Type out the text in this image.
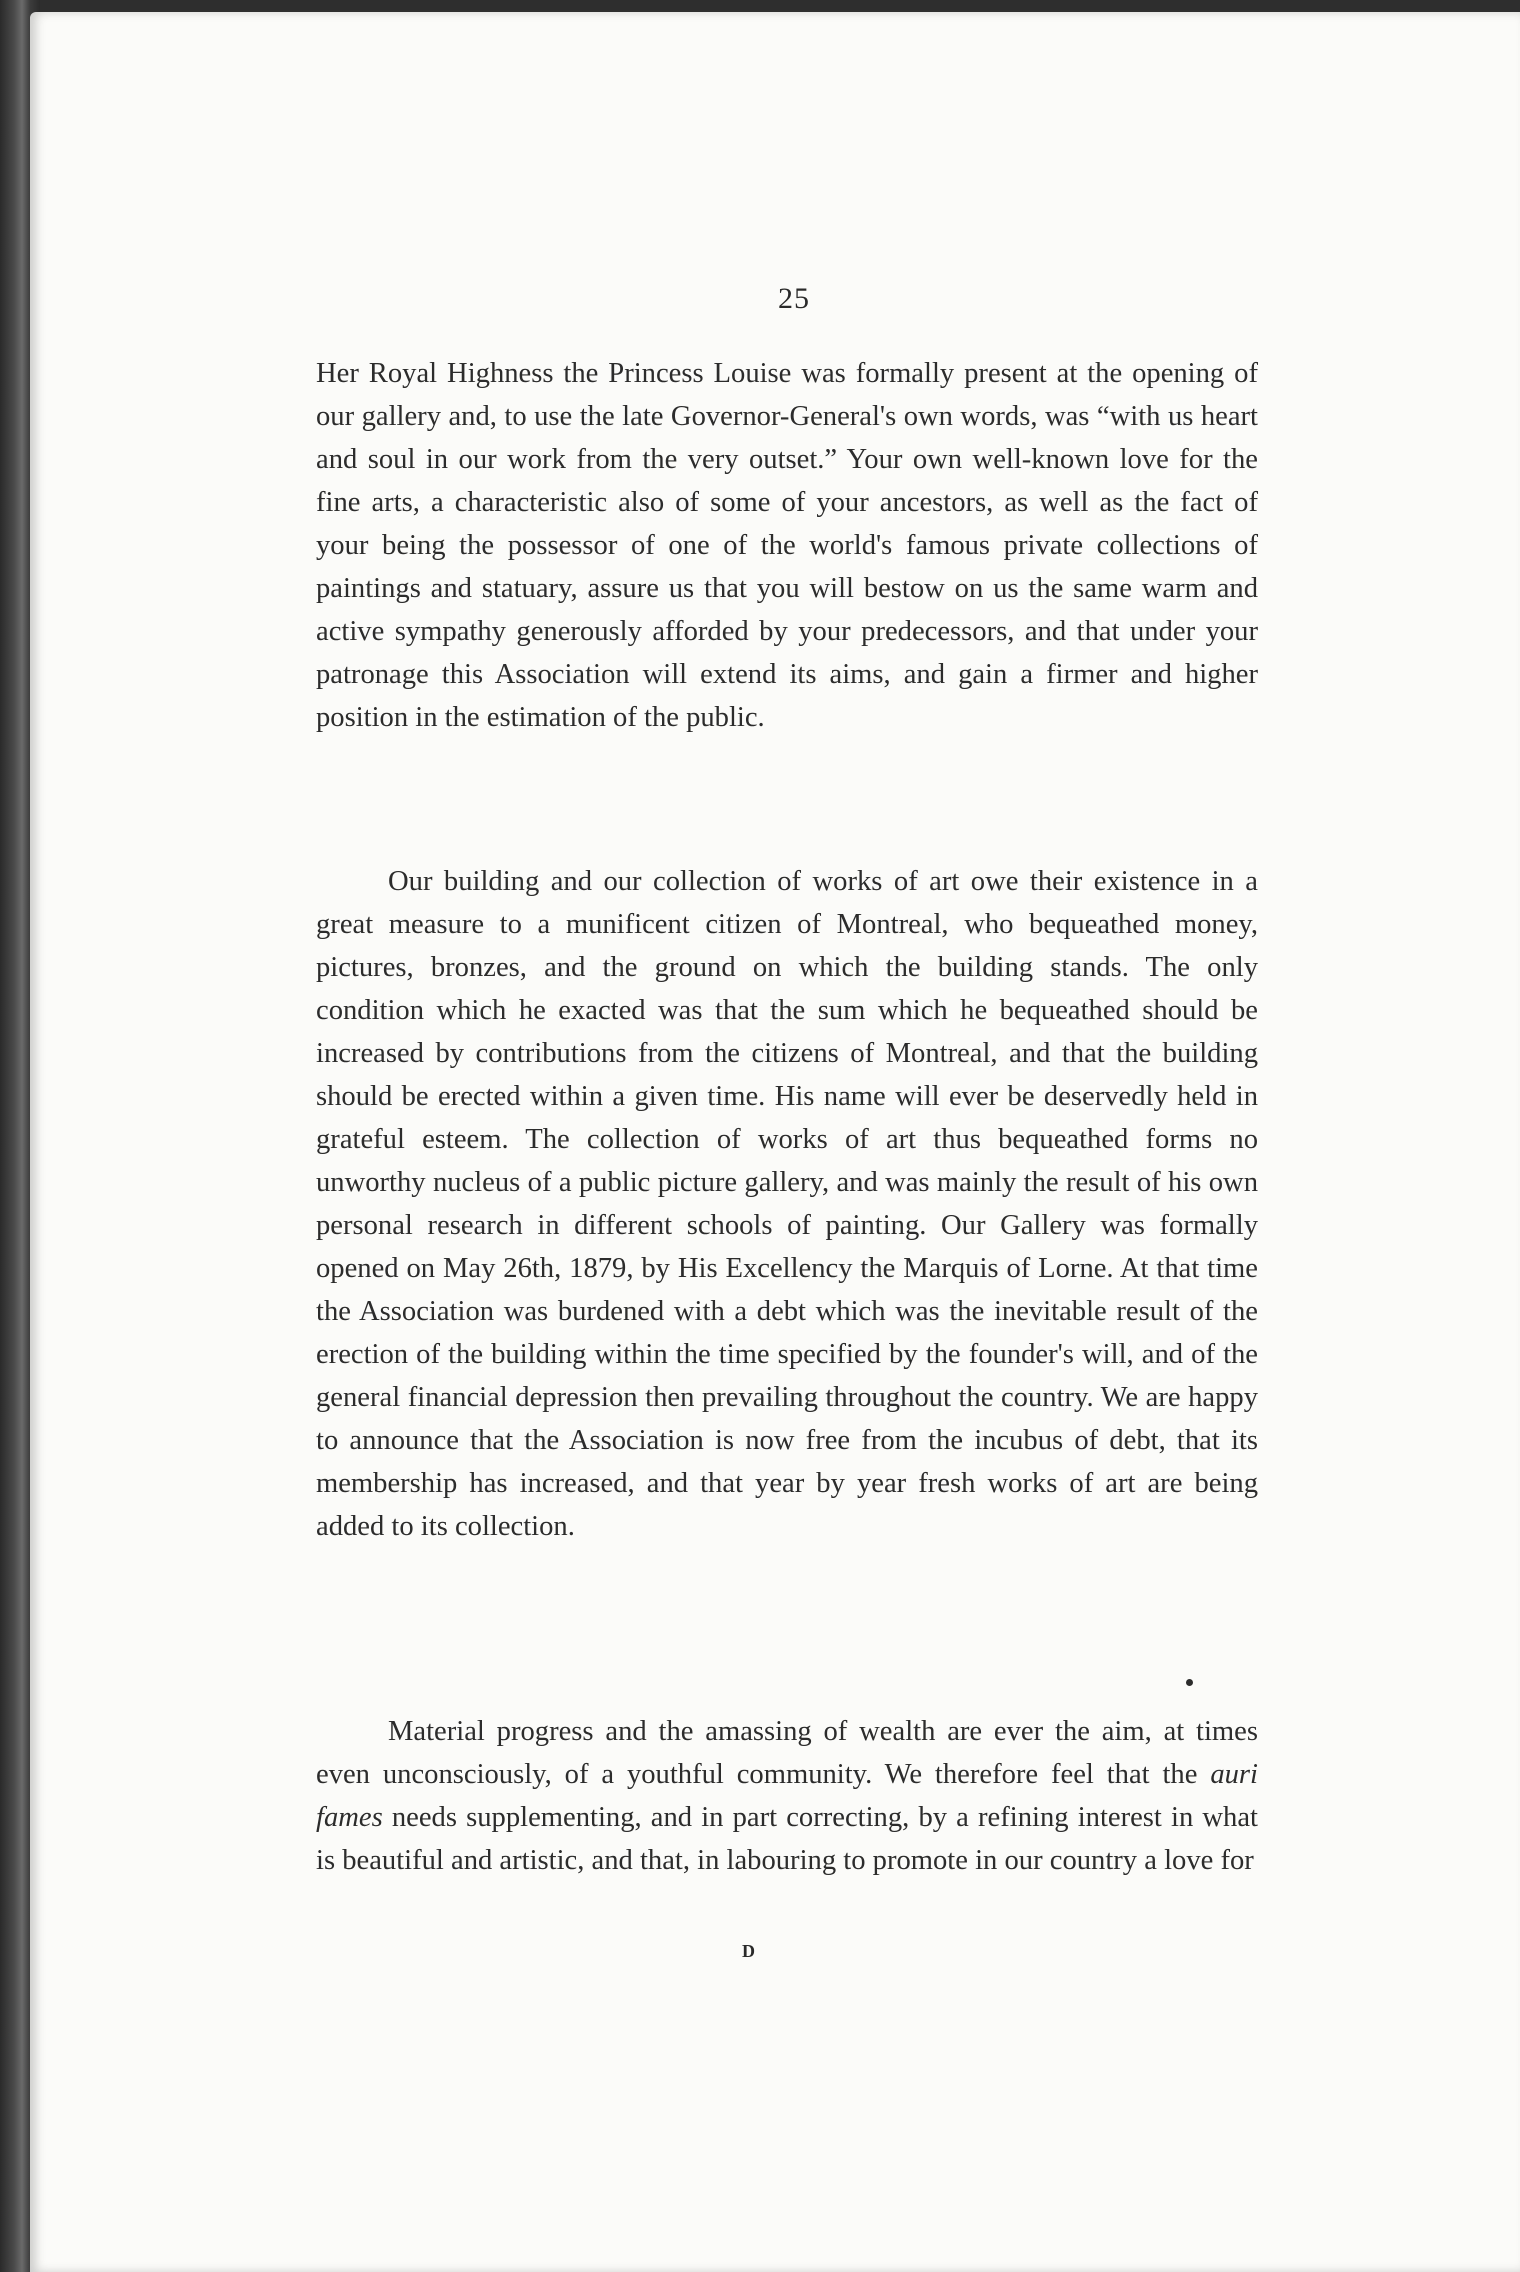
25
Her Royal Highness the Princess Louise was formally present at the opening of our gallery and, to use the late Governor-General's own words, was “with us heart and soul in our work from the very outset.” Your own well-known love for the fine arts, a characteristic also of some of your ancestors, as well as the fact of your being the possessor of one of the world's famous private collections of paintings and statuary, assure us that you will bestow on us the same warm and active sympathy generously afforded by your predecessors, and that under your patronage this Association will extend its aims, and gain a firmer and higher position in the estimation of the public.
Our building and our collection of works of art owe their existence in a great measure to a munificent citizen of Montreal, who bequeathed money, pictures, bronzes, and the ground on which the building stands. The only condition which he exacted was that the sum which he bequeathed should be increased by contributions from the citizens of Montreal, and that the building should be erected within a given time. His name will ever be deservedly held in grateful esteem. The collection of works of art thus bequeathed forms no unworthy nucleus of a public picture gallery, and was mainly the result of his own personal research in different schools of painting. Our Gallery was formally opened on May 26th, 1879, by His Excellency the Marquis of Lorne. At that time the Association was burdened with a debt which was the inevitable result of the erection of the building within the time specified by the founder's will, and of the general financial depression then prevailing throughout the country. We are happy to announce that the Association is now free from the incubus of debt, that its membership has increased, and that year by year fresh works of art are being added to its collection.
Material progress and the amassing of wealth are ever the aim, at times even unconsciously, of a youthful community. We therefore feel that the auri fames needs supplementing, and in part correcting, by a refining interest in what is beautiful and artistic, and that, in labouring to promote in our country a love for
D
